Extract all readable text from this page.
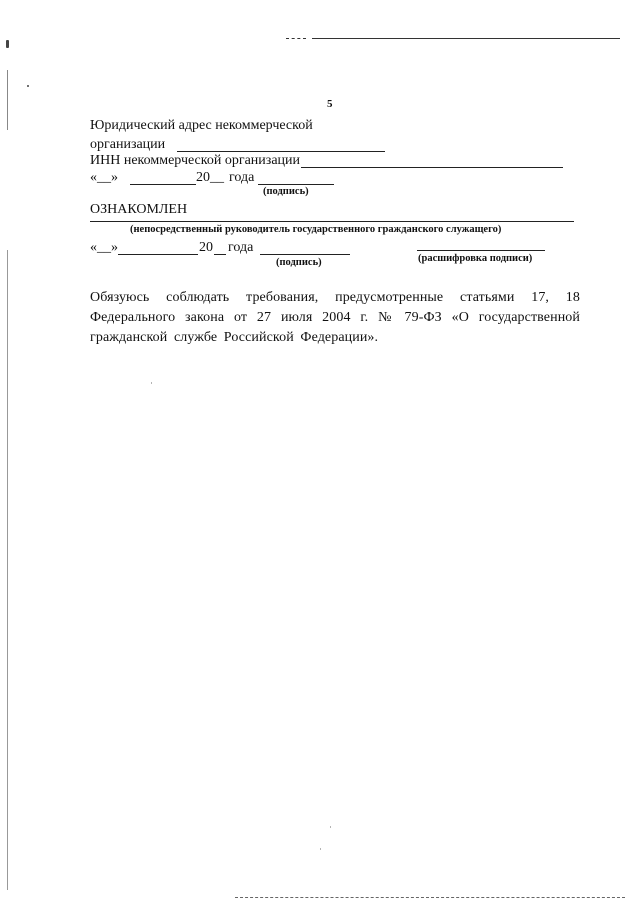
5
Юридический адрес некоммерческой
организации
ИНН некоммерческой организации
«__»	20__ года
(подпись)
ОЗНАКОМЛЕН
(непосредственный руководитель государственного гражданского служащего)
«__»	20 года
(подпись)	(расшифровка подписи)
Обязуюсь соблюдать требования, предусмотренные статьями 17, 18 Федерального закона от 27 июля 2004 г. № 79-ФЗ «О государственной гражданской службе Российской Федерации».
